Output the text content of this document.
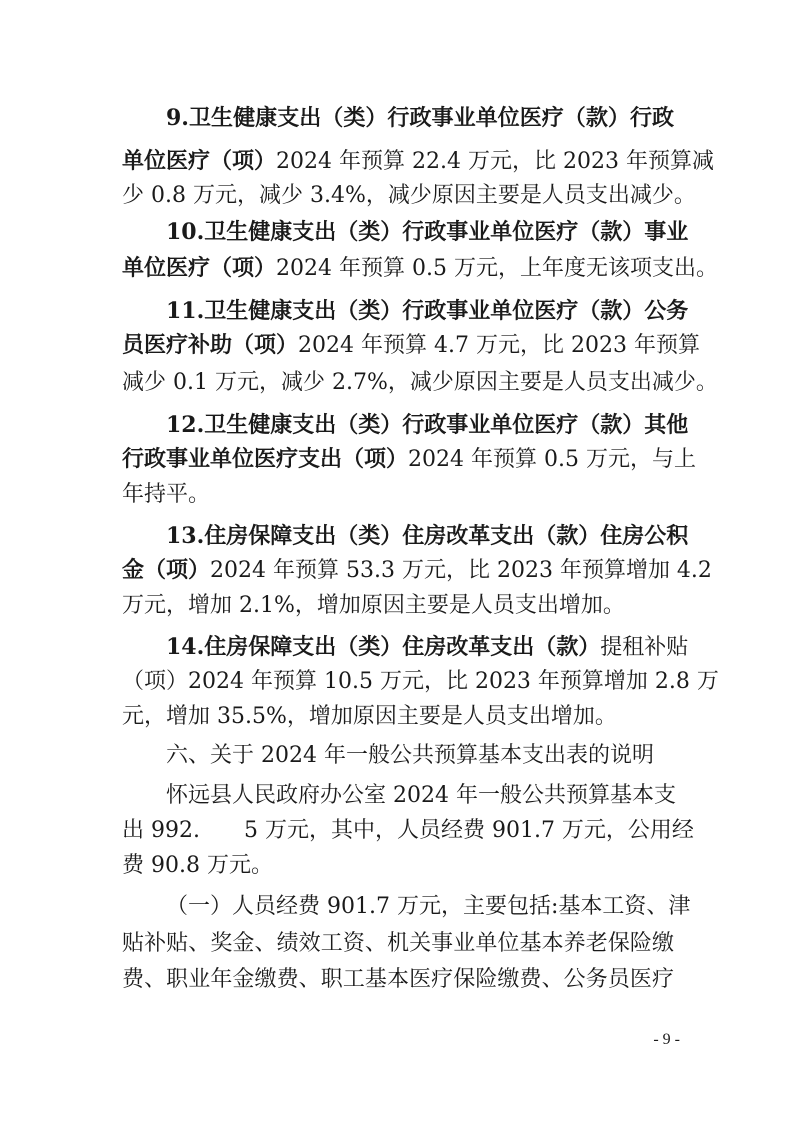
9.卫生健康支出（类）行政事业单位医疗（款）行政
单位医疗（项）2024 年预算 22.4 万元，比 2023 年预算减
少 0.8 万元，减少 3.4%，减少原因主要是人员支出减少。
10.卫生健康支出（类）行政事业单位医疗（款）事业
单位医疗（项）2024 年预算 0.5 万元，上年度无该项支出。
11.卫生健康支出（类）行政事业单位医疗（款）公务
员医疗补助（项）2024 年预算 4.7 万元，比 2023 年预算
减少 0.1 万元，减少 2.7%，减少原因主要是人员支出减少。
12.卫生健康支出（类）行政事业单位医疗（款）其他
行政事业单位医疗支出（项）2024 年预算 0.5 万元，与上
年持平。
13.住房保障支出（类）住房改革支出（款）住房公积
金（项）2024 年预算 53.3 万元，比 2023 年预算增加 4.2
万元，增加 2.1%，增加原因主要是人员支出增加。
14.住房保障支出（类）住房改革支出（款）提租补贴
（项）2024 年预算 10.5 万元，比 2023 年预算增加 2.8 万
元，增加 35.5%，增加原因主要是人员支出增加。
六、关于 2024 年一般公共预算基本支出表的说明
怀远县人民政府办公室 2024 年一般公共预算基本支
出 992.　　5 万元，其中，人员经费 901.7 万元，公用经
费 90.8 万元。
（一）人员经费 901.7 万元，主要包括:基本工资、津
贴补贴、奖金、绩效工资、机关事业单位基本养老保险缴
费、职业年金缴费、职工基本医疗保险缴费、公务员医疗
- 9 -
